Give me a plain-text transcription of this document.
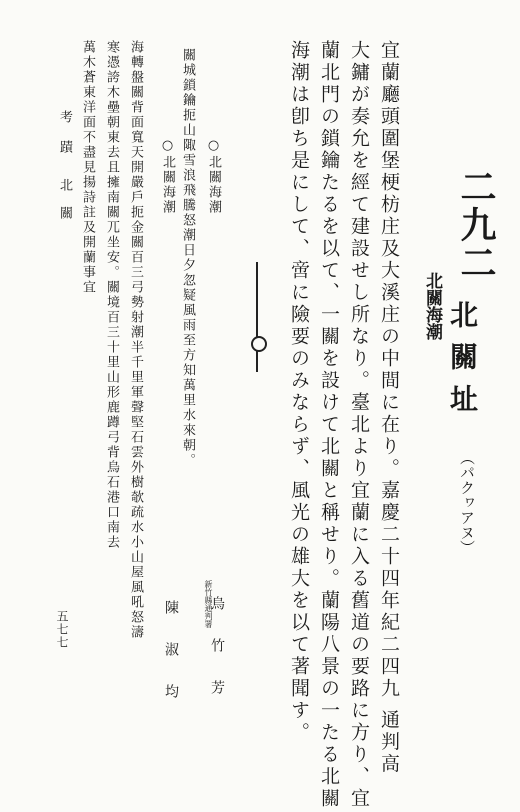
二九二
北關址
（パクヮアヌ）
北關海潮
宜蘭廳頭圍堡梗枋庄及大溪庄の中間に在り。嘉慶二十四年紀二四九 通判高
大鏞が奏允を經て建設せし所なり。臺北より宜蘭に入る舊道の要路に方り、宜
蘭北門の鎖鑰たるを以て、一關を設けて北關と稱せり。蘭陽八景の一たる北關
海潮は卽ち是にして、啻に險要のみならず、風光の雄大を以て著聞す。
○北關海潮
關城鎖鑰扼山陬雪浪飛騰怒潮日夕忽疑風雨至方知萬里水來朝。
新竹縣通判署
烏竹芳
○北關海潮
海轉盤關背面寬天開嚴戶扼金關百三弓勢射潮半千里軍聲堅石雲外樹欹疏水小山屋風吼怒濤
寒憑誇木壘朝東去且擁南關兀坐安。關境百三十里山形鹿蹲弓背烏石港口南去
萬木蒼東洋面不盡見揚詩註及開蘭事宜
陳淑均
考
蹟
北
關
五七七
